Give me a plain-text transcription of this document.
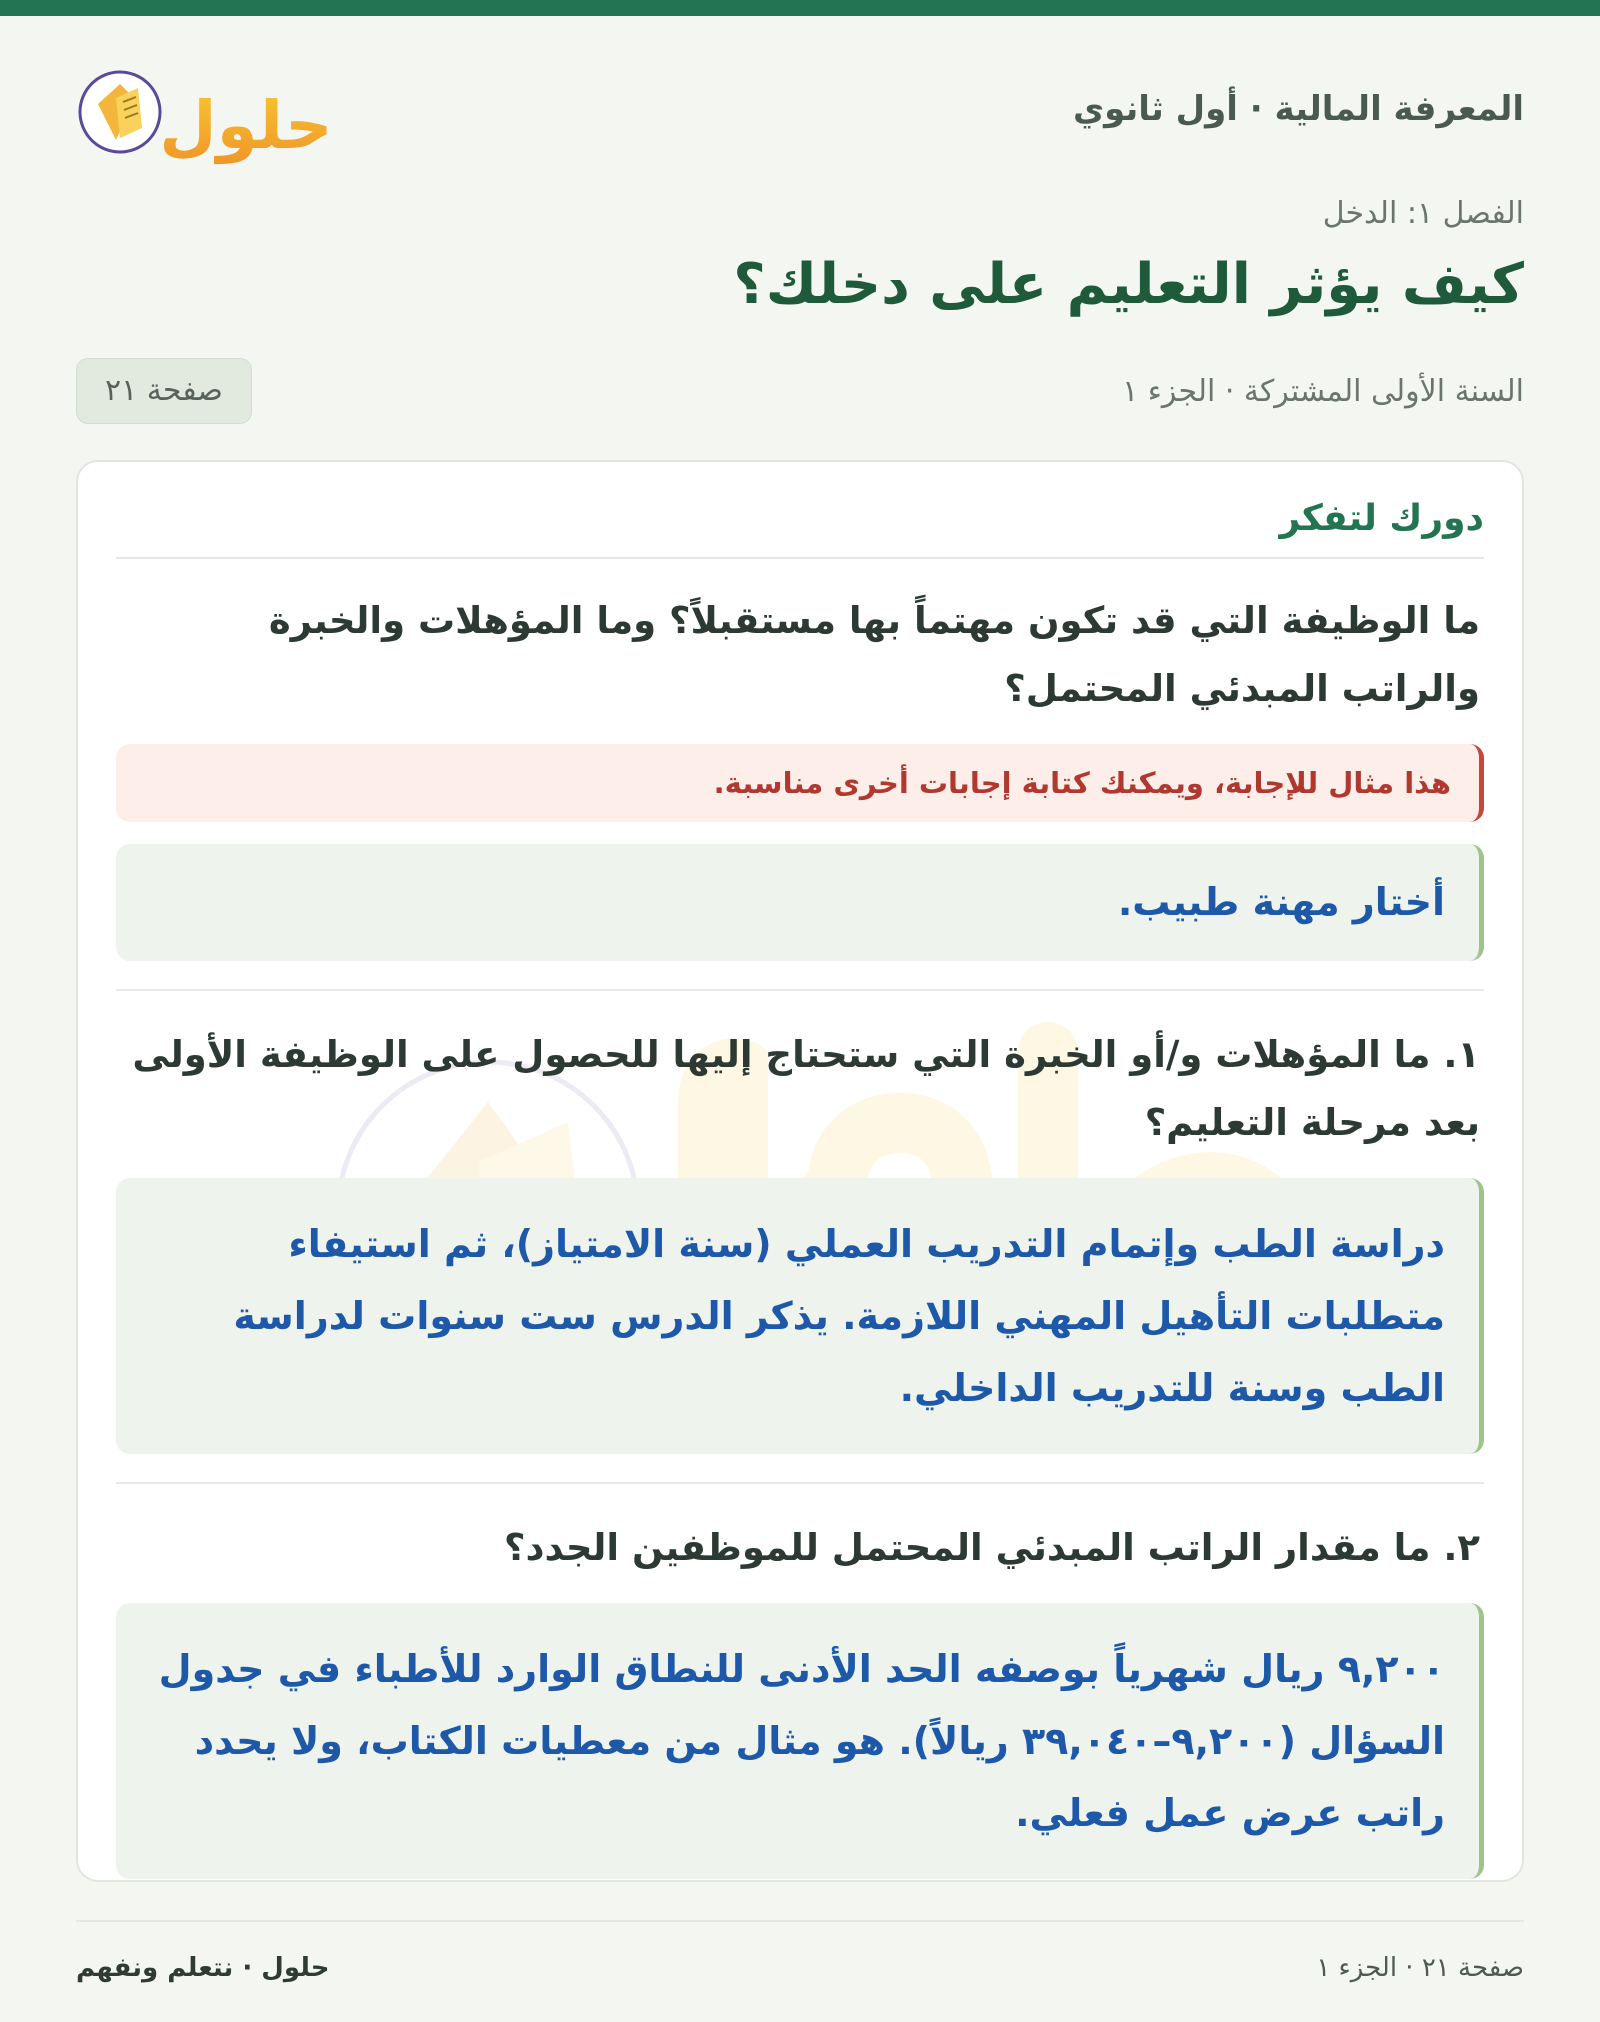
المعرفة المالية · أول ثانوي
حلول
الفصل ١: الدخل
كيف يؤثر التعليم على دخلك؟
السنة الأولى المشتركة · الجزء ١
صفحة ٢١
دورك لتفكر
ما الوظيفة التي قد تكون مهتماً بها مستقبلاً؟ وما المؤهلات والخبرة والراتب المبدئي المحتمل؟
هذا مثال للإجابة، ويمكنك كتابة إجابات أخرى مناسبة.
أختار مهنة طبيب.
١. ما المؤهلات و/أو الخبرة التي ستحتاج إليها للحصول على الوظيفة الأولى بعد مرحلة التعليم؟
دراسة الطب وإتمام التدريب العملي (سنة الامتياز)، ثم استيفاء متطلبات التأهيل المهني اللازمة. يذكر الدرس ست سنوات لدراسة الطب وسنة للتدريب الداخلي.
٢. ما مقدار الراتب المبدئي المحتمل للموظفين الجدد؟
٩,٢٠٠ ريال شهرياً بوصفه الحد الأدنى للنطاق الوارد للأطباء في جدول السؤال (٩,٢٠٠–٣٩,٠٤٠ ريالاً). هو مثال من معطيات الكتاب، ولا يحدد راتب عرض عمل فعلي.
صفحة ٢١ · الجزء ١
حلول · نتعلم ونفهم
